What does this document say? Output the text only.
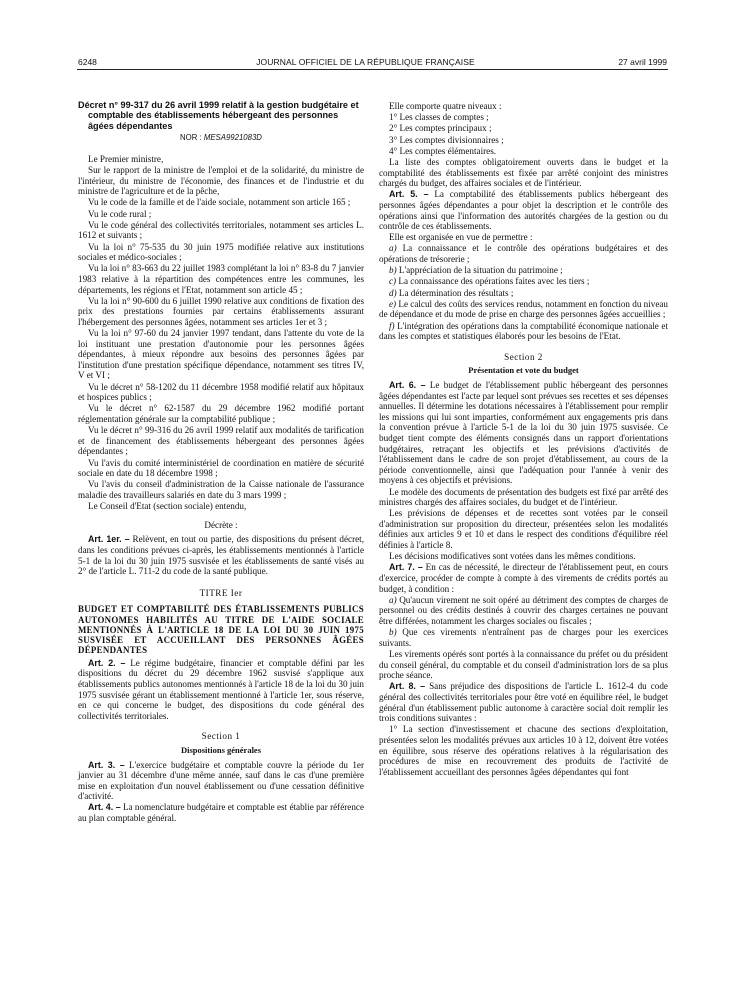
6248	JOURNAL OFFICIEL DE LA RÉPUBLIQUE FRANÇAISE	27 avril 1999

Décret n° 99-317 du 26 avril 1999 relatif à la gestion budgétaire et comptable des établissements hébergeant des personnes âgées dépendantes

NOR : MESA9921083D

Le Premier ministre,

Sur le rapport de la ministre de l'emploi et de la solidarité, du ministre de l'intérieur, du ministre de l'économie, des finances et de l'industrie et du ministre de l'agriculture et de la pêche,

Vu le code de la famille et de l'aide sociale, notamment son article 165 ;

Vu le code rural ;

Vu le code général des collectivités territoriales, notamment ses articles L. 1612 et suivants ;

Vu la loi n° 75-535 du 30 juin 1975 modifiée relative aux institutions sociales et médico-sociales ;

Vu la loi n° 83-663 du 22 juillet 1983 complétant la loi n° 83-8 du 7 janvier 1983 relative à la répartition des compétences entre les communes, les départements, les régions et l'Etat, notamment son article 45 ;

Vu la loi n° 90-600 du 6 juillet 1990 relative aux conditions de fixation des prix des prestations fournies par certains établissements assurant l'hébergement des personnes âgées, notamment ses articles 1er et 3 ;

Vu la loi n° 97-60 du 24 janvier 1997 tendant, dans l'attente du vote de la loi instituant une prestation d'autonomie pour les personnes âgées dépendantes, à mieux répondre aux besoins des personnes âgées par l'institution d'une prestation spécifique dépendance, notamment ses titres IV, V et VI ;

Vu le décret n° 58-1202 du 11 décembre 1958 modifié relatif aux hôpitaux et hospices publics ;

Vu le décret n° 62-1587 du 29 décembre 1962 modifié portant réglementation générale sur la comptabilité publique ;

Vu le décret n° 99-316 du 26 avril 1999 relatif aux modalités de tarification et de financement des établissements hébergeant des personnes âgées dépendantes ;

Vu l'avis du comité interministériel de coordination en matière de sécurité sociale en date du 18 décembre 1998 ;

Vu l'avis du conseil d'administration de la Caisse nationale de l'assurance maladie des travailleurs salariés en date du 3 mars 1999 ;

Le Conseil d'Etat (section sociale) entendu,

Décrète :

Art. 1er. – Relèvent, en tout ou partie, des dispositions du présent décret, dans les conditions prévues ci-après, les établissements mentionnés à l'article 5-1 de la loi du 30 juin 1975 susvisée et les établissements de santé visés au 2° de l'article L. 711-2 du code de la santé publique.

TITRE Ier

BUDGET ET COMPTABILITÉ DES ÉTABLISSEMENTS PUBLICS AUTONOMES HABILITÉS AU TITRE DE L'AIDE SOCIALE MENTIONNÉS À L'ARTICLE 18 DE LA LOI DU 30 JUIN 1975 SUSVISÉE ET ACCUEILLANT DES PERSONNES ÂGÉES DÉPENDANTES

Art. 2. – Le régime budgétaire, financier et comptable défini par les dispositions du décret du 29 décembre 1962 susvisé s'applique aux établissements publics autonomes mentionnés à l'article 18 de la loi du 30 juin 1975 susvisée gérant un établissement mentionné à l'article 1er, sous réserve, en ce qui concerne le budget, des dispositions du code général des collectivités territoriales.

Section 1

Dispositions générales

Art. 3. – L'exercice budgétaire et comptable couvre la période du 1er janvier au 31 décembre d'une même année, sauf dans le cas d'une première mise en exploitation d'un nouvel établissement ou d'une cessation définitive d'activité.

Art. 4. – La nomenclature budgétaire et comptable est établie par référence au plan comptable général.

Elle comporte quatre niveaux :

1° Les classes de comptes ;

2° Les comptes principaux ;

3° Les comptes divisionnaires ;

4° Les comptes élémentaires.

La liste des comptes obligatoirement ouverts dans le budget et la comptabilité des établissements est fixée par arrêté conjoint des ministres chargés du budget, des affaires sociales et de l'intérieur.

Art. 5. – La comptabilité des établissements publics hébergeant des personnes âgées dépendantes a pour objet la description et le contrôle des opérations ainsi que l'information des autorités chargées de la gestion ou du contrôle de ces établissements.

Elle est organisée en vue de permettre :

a) La connaissance et le contrôle des opérations budgétaires et des opérations de trésorerie ;

b) L'appréciation de la situation du patrimoine ;

c) La connaissance des opérations faites avec les tiers ;

d) La détermination des résultats ;

e) Le calcul des coûts des services rendus, notamment en fonction du niveau de dépendance et du mode de prise en charge des personnes âgées accueillies ;

f) L'intégration des opérations dans la comptabilité économique nationale et dans les comptes et statistiques élaborés pour les besoins de l'Etat.

Section 2

Présentation et vote du budget

Art. 6. – Le budget de l'établissement public hébergeant des personnes âgées dépendantes est l'acte par lequel sont prévues ses recettes et ses dépenses annuelles. Il détermine les dotations nécessaires à l'établissement pour remplir les missions qui lui sont imparties, conformément aux engagements pris dans la convention prévue à l'article 5-1 de la loi du 30 juin 1975 susvisée. Ce budget tient compte des éléments consignés dans un rapport d'orientations budgétaires, retraçant les objectifs et les prévisions d'activités de l'établissement dans le cadre de son projet d'établissement, au cours de la période conventionnelle, ainsi que l'adéquation pour l'année à venir des moyens à ces objectifs et prévisions.

Le modèle des documents de présentation des budgets est fixé par arrêté des ministres chargés des affaires sociales, du budget et de l'intérieur.

Les prévisions de dépenses et de recettes sont votées par le conseil d'administration sur proposition du directeur, présentées selon les modalités définies aux articles 9 et 10 et dans le respect des conditions d'équilibre réel définies à l'article 8.

Les décisions modificatives sont votées dans les mêmes conditions.

Art. 7. – En cas de nécessité, le directeur de l'établissement peut, en cours d'exercice, procéder de compte à compte à des virements de crédits portés au budget, à condition :

a) Qu'aucun virement ne soit opéré au détriment des comptes de charges de personnel ou des crédits destinés à couvrir des charges certaines ne pouvant être différées, notamment les charges sociales ou fiscales ;

b) Que ces virements n'entraînent pas de charges pour les exercices suivants.

Les virements opérés sont portés à la connaissance du préfet ou du président du conseil général, du comptable et du conseil d'administration lors de sa plus proche séance.

Art. 8. – Sans préjudice des dispositions de l'article L. 1612-4 du code général des collectivités territoriales pour être voté en équilibre réel, le budget général d'un établissement public autonome à caractère social doit remplir les trois conditions suivantes :

1° La section d'investissement et chacune des sections d'exploitation, présentées selon les modalités prévues aux articles 10 à 12, doivent être votées en équilibre, sous réserve des opérations relatives à la régularisation des procédures de mise en recouvrement des produits de l'activité de l'établissement accueillant des personnes âgées dépendantes qui font
